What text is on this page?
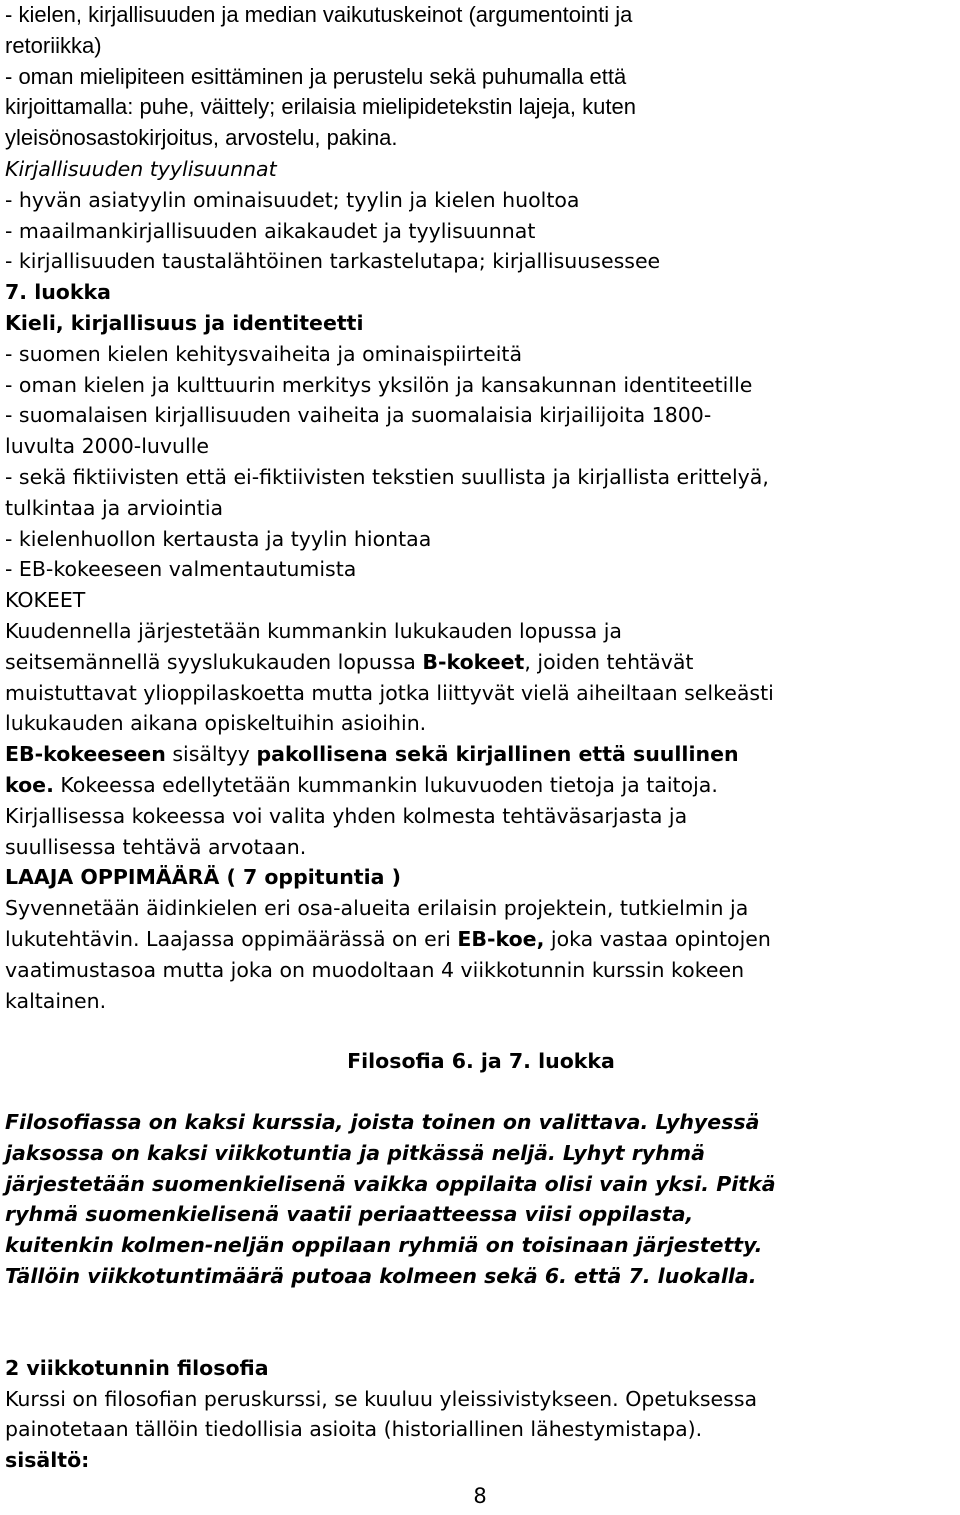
- kielen, kirjallisuuden ja median vaikutuskeinot (argumentointi ja
retoriikka)
- oman mielipiteen esittäminen ja perustelu sekä puhumalla että
kirjoittamalla: puhe, väittely; erilaisia mielipidetekstin lajeja, kuten
yleisönosastokirjoitus, arvostelu, pakina.
Kirjallisuuden tyylisuunnat
- hyvän asiatyylin ominaisuudet; tyylin ja kielen huoltoa
- maailmankirjallisuuden aikakaudet ja tyylisuunnat
- kirjallisuuden taustalähtöinen tarkastelutapa; kirjallisuusessee
7. luokka
Kieli, kirjallisuus ja identiteetti
- suomen kielen kehitysvaiheita ja ominaispiirteitä
- oman kielen ja kulttuurin merkitys yksilön ja kansakunnan identiteetille
- suomalaisen kirjallisuuden vaiheita ja suomalaisia kirjailijoita 1800-
luvulta 2000-luvulle
- sekä fiktiivisten että ei-fiktiivisten tekstien suullista ja kirjallista erittelyä,
tulkintaa ja arviointia
- kielenhuollon kertausta ja tyylin hiontaa
- EB-kokeeseen valmentautumista
KOKEET
Kuudennella järjestetään kummankin lukukauden lopussa ja
seitsemännellä syyslukukauden lopussa B-kokeet, joiden tehtävät
muistuttavat ylioppilaskoetta mutta jotka liittyvät vielä aiheiltaan selkeästi
lukukauden aikana opiskeltuihin asioihin.
EB-kokeeseen sisältyy pakollisena sekä kirjallinen että suullinen
koe. Kokeessa edellytetään kummankin lukuvuoden tietoja ja taitoja.
Kirjallisessa kokeessa voi valita yhden kolmesta tehtäväsarjasta ja
suullisessa tehtävä arvotaan.
LAAJA OPPIMÄÄRÄ ( 7 oppituntia )
Syvennetään äidinkielen eri osa-alueita erilaisin projektein, tutkielmin ja
lukutehtävin. Laajassa oppimäärässä on eri EB-koe, joka vastaa opintojen
vaatimustasoa mutta joka on muodoltaan 4 viikkotunnin kurssin kokeen
kaltainen.
Filosofia 6. ja 7. luokka
Filosofiassa on kaksi kurssia, joista toinen on valittava. Lyhyessä
jaksossa on kaksi viikkotuntia ja pitkässä neljä. Lyhyt ryhmä
järjestetään suomenkielisenä vaikka oppilaita olisi vain yksi. Pitkä
ryhmä suomenkielisenä vaatii periaatteessa viisi oppilasta,
kuitenkin kolmen-neljän oppilaan ryhmiä on toisinaan järjestetty.
Tällöin viikkotuntimäärä putoaa kolmeen sekä 6. että 7. luokalla.
2 viikkotunnin filosofia
Kurssi on filosofian peruskurssi, se kuuluu yleissivistykseen. Opetuksessa
painotetaan tällöin tiedollisia asioita (historiallinen lähestymistapa).
sisältö:
8
